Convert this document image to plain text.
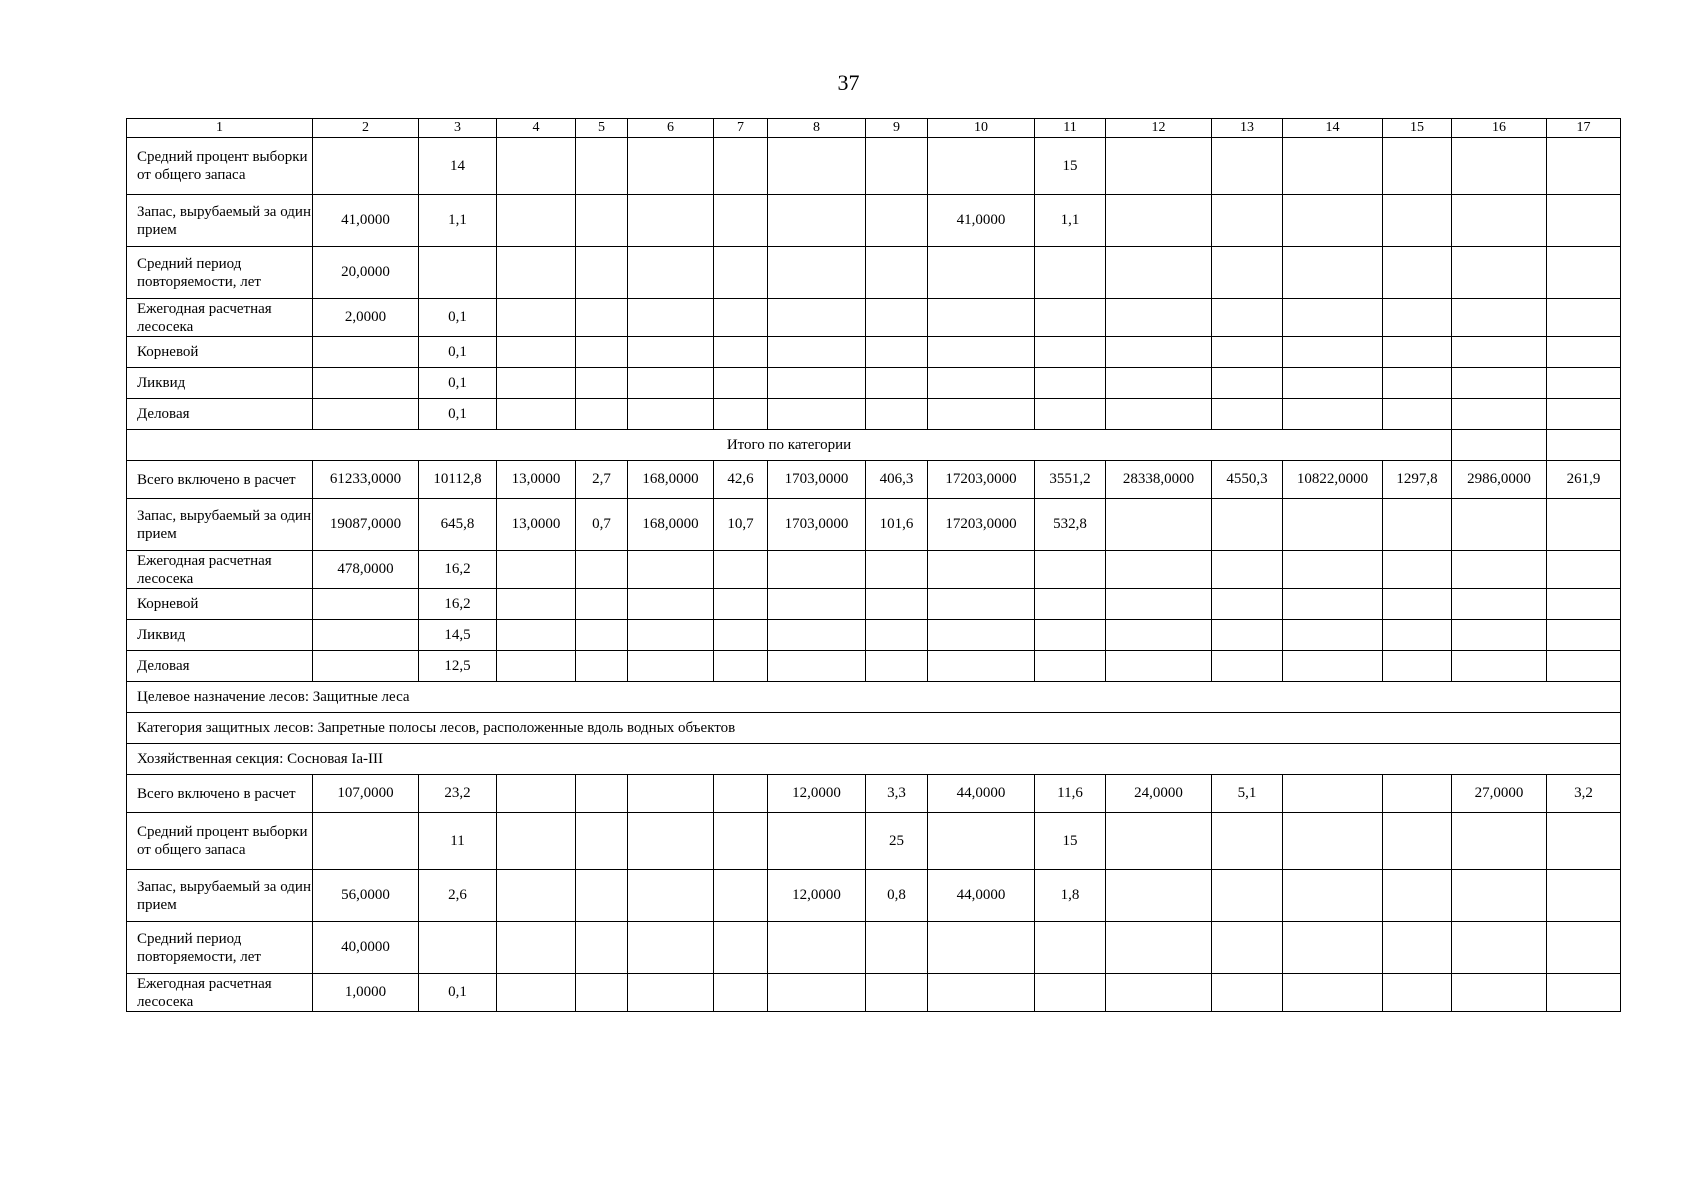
37
1	2	3	4	5	6	7	8	9	10	11	12	13	14	15	16	17
Средний процент выборки от общего запаса		14								15						
Запас, вырубаемый за один прием	41,0000	1,1							41,0000	1,1						
Средний период повторяемости, лет	20,0000															
Ежегодная расчетная лесосека	2,0000	0,1														
Корневой		0,1														
Ликвид		0,1														
Деловая		0,1														
Итого по категории																
Всего включено в расчет	61233,0000	10112,8	13,0000	2,7	168,0000	42,6	1703,0000	406,3	17203,0000	3551,2	28338,0000	4550,3	10822,0000	1297,8	2986,0000	261,9
Запас, вырубаемый за один прием	19087,0000	645,8	13,0000	0,7	168,0000	10,7	1703,0000	101,6	17203,0000	532,8						
Ежегодная расчетная лесосека	478,0000	16,2														
Корневой		16,2														
Ликвид		14,5														
Деловая		12,5														
Целевое назначение лесов: Защитные леса																
Категория защитных лесов: Запретные полосы лесов, расположенные вдоль водных объектов																
Хозяйственная секция: Сосновая Ia-III																
Всего включено в расчет	107,0000	23,2					12,0000	3,3	44,0000	11,6	24,0000	5,1			27,0000	3,2
Средний процент выборки от общего запаса		11						25		15						
Запас, вырубаемый за один прием	56,0000	2,6					12,0000	0,8	44,0000	1,8						
Средний период повторяемости, лет	40,0000															
Ежегодная расчетная лесосека	1,0000	0,1														
